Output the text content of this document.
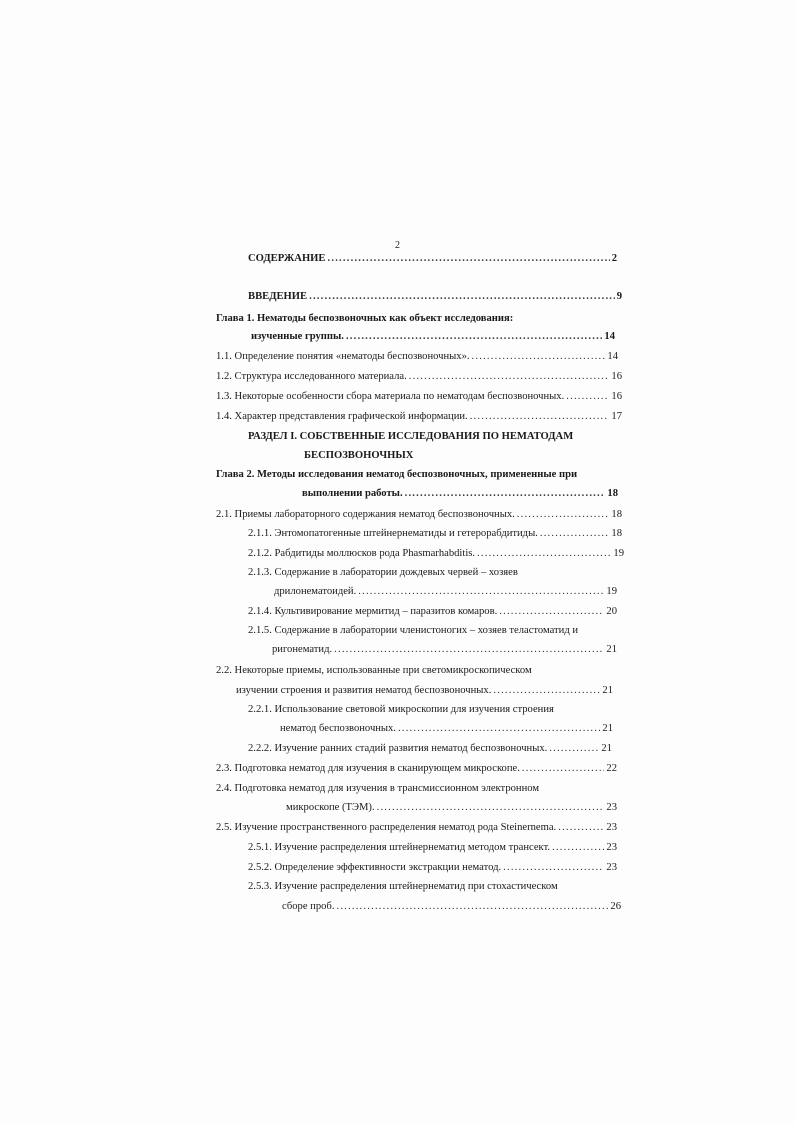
2
СОДЕРЖАНИЕ .....	2
ВВЕДЕНИЕ .....	9
Глава 1. Нематоды беспозвоночных как объект исследования:
изученные группы. .....	14
1.1. Определение понятия «нематоды беспозвоночных». .....	14
1.2. Структура исследованного материала. .....	16
1.3. Некоторые особенности сбора материала по нематодам беспозвоночных. .....	16
1.4. Характер представления графической информации. .....	17
РАЗДЕЛ I. СОБСТВЕННЫЕ ИССЛЕДОВАНИЯ ПО НЕМАТОДАМ
БЕСПОЗВОНОЧНЫХ
Глава 2. Методы исследования нематод беспозвоночных, примененные при
выполнении работы. .....	18
2.1. Приемы лабораторного содержания нематод беспозвоночных. .....	18
2.1.1. Энтомопатогенные штейнернематиды и гетерорабдитиды. .....	18
2.1.2. Рабдитиды моллюсков рода Phasmarhabditis. .....	19
2.1.3. Содержание в лаборатории дождевых червей – хозяев
дрилонематоидей. .....	19
2.1.4. Культивирование мермитид – паразитов комаров. .....	20
2.1.5. Содержание в лаборатории членистоногих – хозяев теластоматид и
ригонематид. .....	21
2.2. Некоторые приемы, использованные при светомикроскопическом
изучении строения и развития нематод беспозвоночных. .....	21
2.2.1. Использование световой микроскопии для изучения строения
нематод беспозвоночных. .....	21
2.2.2. Изучение ранних стадий развития нематод беспозвоночных. .....	21
2.3. Подготовка нематод для изучения в сканирующем микроскопе. .....	22
2.4. Подготовка нематод для изучения в трансмиссионном электронном
микроскопе (ТЭМ). .....	23
2.5. Изучение пространственного распределения нематод рода Steinernema. .....	23
2.5.1. Изучение распределения штейнернематид методом трансект. .....	23
2.5.2. Определение эффективности экстракции нематод. .....	23
2.5.3. Изучение распределения штейнернематид при стохастическом
сборе проб. .....	26
